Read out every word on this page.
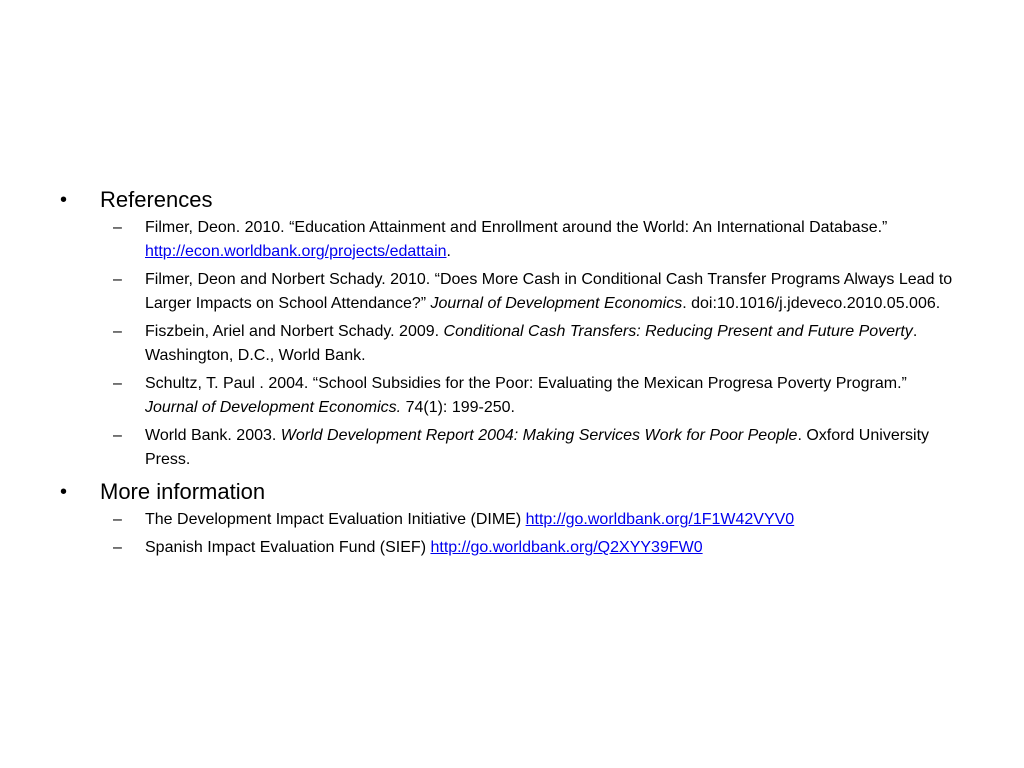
•	References
–	Filmer, Deon. 2010. “Education Attainment and Enrollment around the World: An International Database.” http://econ.worldbank.org/projects/edattain.
–	Filmer, Deon and Norbert Schady. 2010. “Does More Cash in Conditional Cash Transfer Programs Always Lead to Larger Impacts on School Attendance?” Journal of Development Economics. doi:10.1016/j.jdeveco.2010.05.006.
–	Fiszbein, Ariel and Norbert Schady. 2009. Conditional Cash Transfers: Reducing Present and Future Poverty. Washington, D.C., World Bank.
–	Schultz, T. Paul . 2004. “School Subsidies for the Poor: Evaluating the Mexican Progresa Poverty Program.” Journal of Development Economics. 74(1): 199-250.
–	World Bank. 2003. World Development Report 2004: Making Services Work for Poor People. Oxford University Press.
•	More information
–	The Development Impact Evaluation Initiative (DIME) http://go.worldbank.org/1F1W42VYV0
–	Spanish Impact Evaluation Fund (SIEF) http://go.worldbank.org/Q2XYY39FW0
